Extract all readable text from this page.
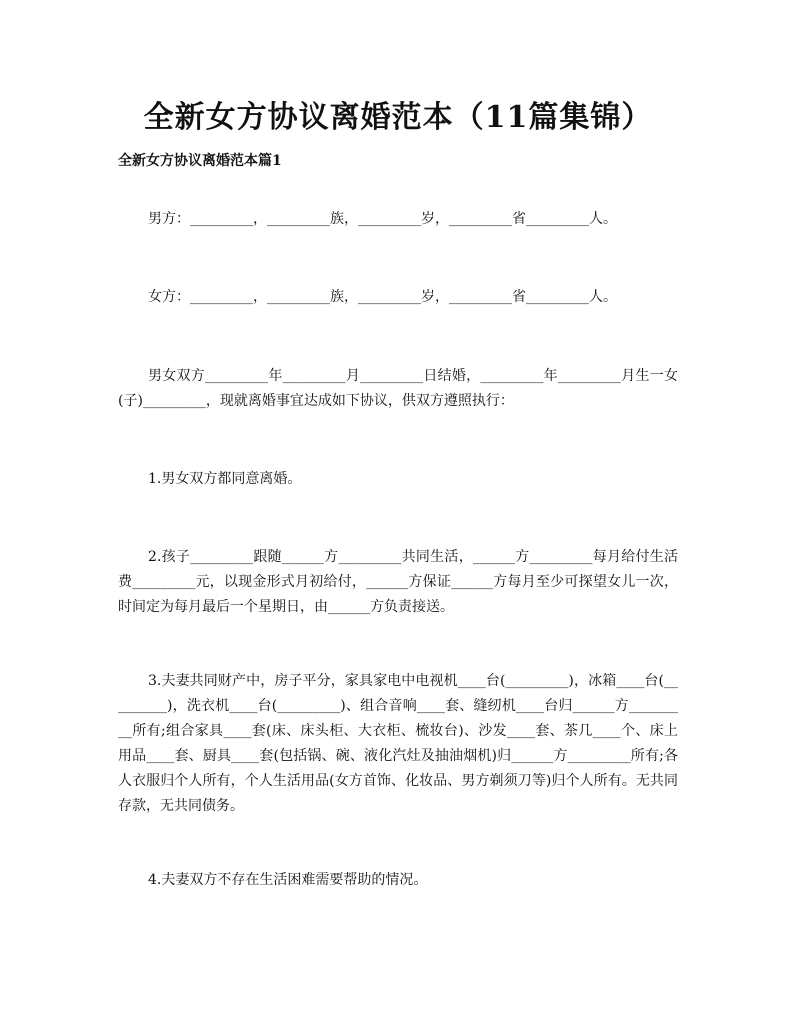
全新女方协议离婚范本（11篇集锦）
全新女方协议离婚范本篇1
男方：_________，_________族，_________岁，_________省_________人。
女方：_________，_________族，_________岁，_________省_________人。
男女双方_________年_________月_________日结婚，_________年_________月生一女(子)_________，现就离婚事宜达成如下协议，供双方遵照执行：
1.男女双方都同意离婚。
2.孩子_________跟随______方_________共同生活，______方_________每月给付生活费_________元，以现金形式月初给付，______方保证______方每月至少可探望女儿一次，时间定为每月最后一个星期日，由______方负责接送。
3.夫妻共同财产中，房子平分，家具家电中电视机____台(_________)，冰箱____台(_________)，洗衣机____台(_________)、组合音响____套、缝纫机____台归______方_________所有;组合家具____套(床、床头柜、大衣柜、梳妆台)、沙发____套、茶几____个、床上用品____套、厨具____套(包括锅、碗、液化汽灶及抽油烟机)归______方_________所有;各人衣服归个人所有，个人生活用品(女方首饰、化妆品、男方剃须刀等)归个人所有。无共同存款，无共同债务。
4.夫妻双方不存在生活困难需要帮助的情况。
